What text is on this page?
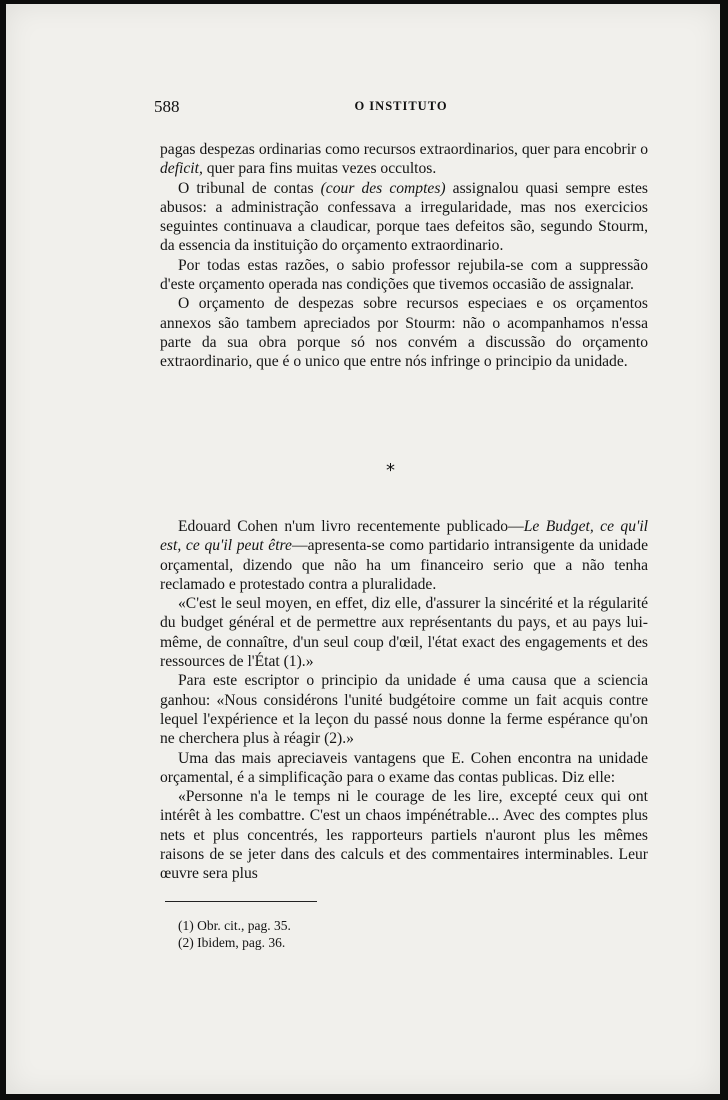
588	O INSTITUTO

pagas despezas ordinarias como recursos extraordinarios, quer para encobrir o deficit, quer para fins muitas vezes occultos.

O tribunal de contas (cour des comptes) assignalou quasi sempre estes abusos: a administração confessava a irregularidade, mas nos exercicios seguintes continuava a claudicar, porque taes defeitos são, segundo Stourm, da essencia da instituição do orçamento extraordinario.

Por todas estas razões, o sabio professor rejubila-se com a suppressão d'este orçamento operada nas condições que tivemos occasião de assignalar.

O orçamento de despezas sobre recursos especiaes e os orçamentos annexos são tambem apreciados por Stourm: não o acompanhamos n'essa parte da sua obra porque só nos convém a discussão do orçamento extraordinario, que é o unico que entre nós infringe o principio da unidade.

*

Edouard Cohen n'um livro recentemente publicado—Le Budget, ce qu'il est, ce qu'il peut être—apresenta-se como partidario intransigente da unidade orçamental, dizendo que não ha um financeiro serio que a não tenha reclamado e protestado contra a pluralidade.

«C'est le seul moyen, en effet, diz elle, d'assurer la sincérité et la régularité du budget général et de permettre aux représentants du pays, et au pays lui-même, de connaître, d'un seul coup d'œil, l'état exact des engagements et des ressources de l'État (1).»

Para este escriptor o principio da unidade é uma causa que a sciencia ganhou: «Nous considérons l'unité budgétoire comme un fait acquis contre lequel l'expérience et la leçon du passé nous donne la ferme espérance qu'on ne cherchera plus à réagir (2).»

Uma das mais apreciaveis vantagens que E. Cohen encontra na unidade orçamental, é a simplificação para o exame das contas publicas. Diz elle:

«Personne n'a le temps ni le courage de les lire, excepté ceux qui ont intérêt à les combattre. C'est un chaos impénétrable... Avec des comptes plus nets et plus concentrés, les rapporteurs partiels n'auront plus les mêmes raisons de se jeter dans des calculs et des commentaires interminables. Leur œuvre sera plus

(1) Obr. cit., pag. 35.
(2) Ibidem, pag. 36.
